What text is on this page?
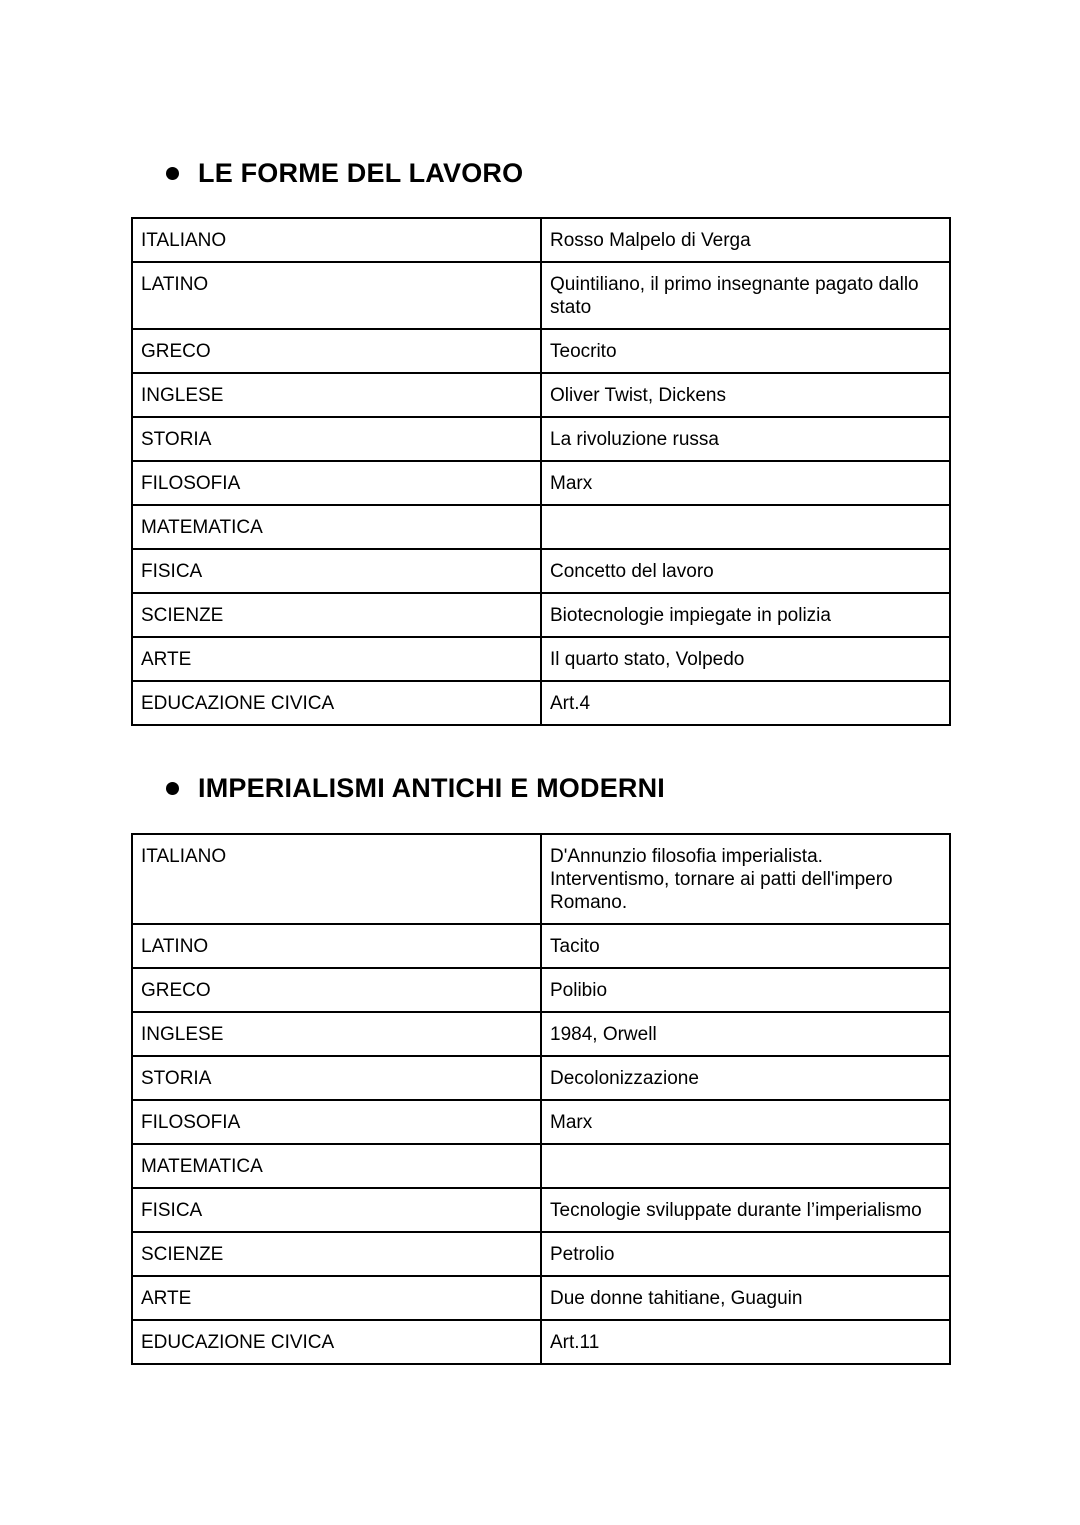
LE FORME DEL LAVORO
ITALIANO	Rosso Malpelo di Verga

LATINO	Quintiliano, il primo insegnante pagato dallo stato

GRECO	Teocrito

INGLESE	Oliver Twist, Dickens

STORIA	La rivoluzione russa

FILOSOFIA	Marx

MATEMATICA	

FISICA	Concetto del lavoro

SCIENZE	Biotecnologie impiegate in polizia

ARTE	Il quarto stato, Volpedo

EDUCAZIONE CIVICA	Art.4
IMPERIALISMI ANTICHI E MODERNI
ITALIANO	D'Annunzio filosofia imperialista. Interventismo, tornare ai patti dell'impero Romano.

LATINO	Tacito

GRECO	Polibio

INGLESE	1984, Orwell

STORIA	Decolonizzazione

FILOSOFIA	Marx

MATEMATICA	

FISICA	Tecnologie sviluppate durante l’imperialismo

SCIENZE	Petrolio

ARTE	Due donne tahitiane, Guaguin

EDUCAZIONE CIVICA	Art.11
